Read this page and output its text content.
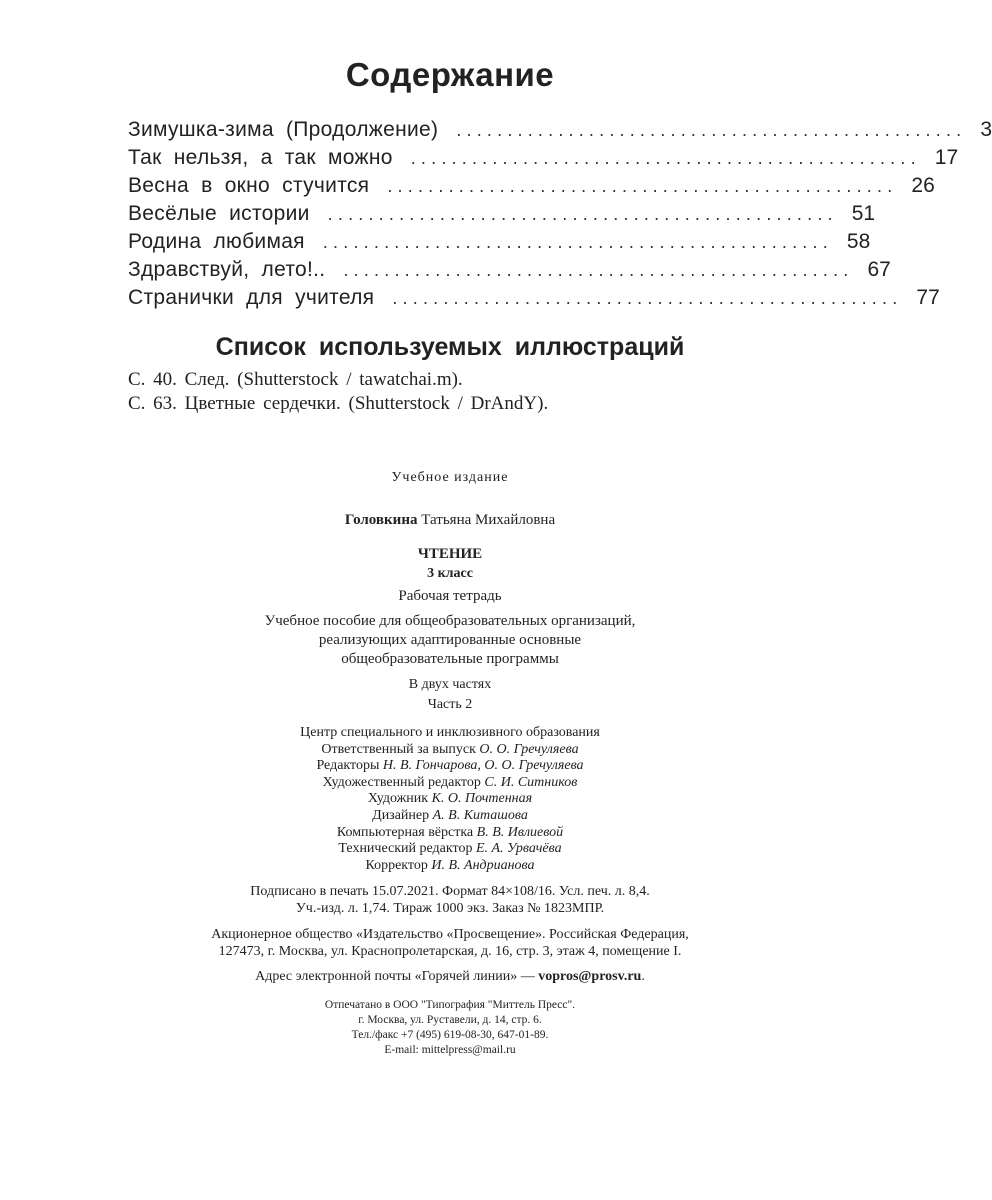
Содержание
Зимушка-зима (Продолжение) .................................................. 3
Так нельзя, а так можно .................................................. 17
Весна в окно стучится .................................................. 26
Весёлые истории .................................................. 51
Родина любимая .................................................. 58
Здравствуй, лето!.. .................................................. 67
Странички для учителя .................................................. 77
Список используемых иллюстраций
С. 40. След. (Shutterstock / tawatchai.m).
С. 63. Цветные сердечки. (Shutterstock / DrAndY).
Учебное издание
Головкина Татьяна Михайловна
ЧТЕНИЕ
3 класс
Рабочая тетрадь
Учебное пособие для общеобразовательных организаций,
реализующих адаптированные основные
общеобразовательные программы
В двух частях
Часть 2
Центр специального и инклюзивного образования
Ответственный за выпуск О. О. Гречуляева
Редакторы Н. В. Гончарова, О. О. Гречуляева
Художественный редактор С. И. Ситников
Художник К. О. Почтенная
Дизайнер А. В. Киташова
Компьютерная вёрстка В. В. Ивлиевой
Технический редактор Е. А. Урвачёва
Корректор И. В. Андрианова
Подписано в печать 15.07.2021. Формат 84×108/16. Усл. печ. л. 8,4.
Уч.-изд. л. 1,74. Тираж 1000 экз. Заказ № 1823МПР.
Акционерное общество «Издательство «Просвещение». Российская Федерация,
127473, г. Москва, ул. Краснопролетарская, д. 16, стр. 3, этаж 4, помещение I.
Адрес электронной почты «Горячей линии» — vopros@prosv.ru.
Отпечатано в ООО "Типография "Миттель Пресс".
г. Москва, ул. Руставели, д. 14, стр. 6.
Тел./факс +7 (495) 619-08-30, 647-01-89.
E-mail: mittelpress@mail.ru
